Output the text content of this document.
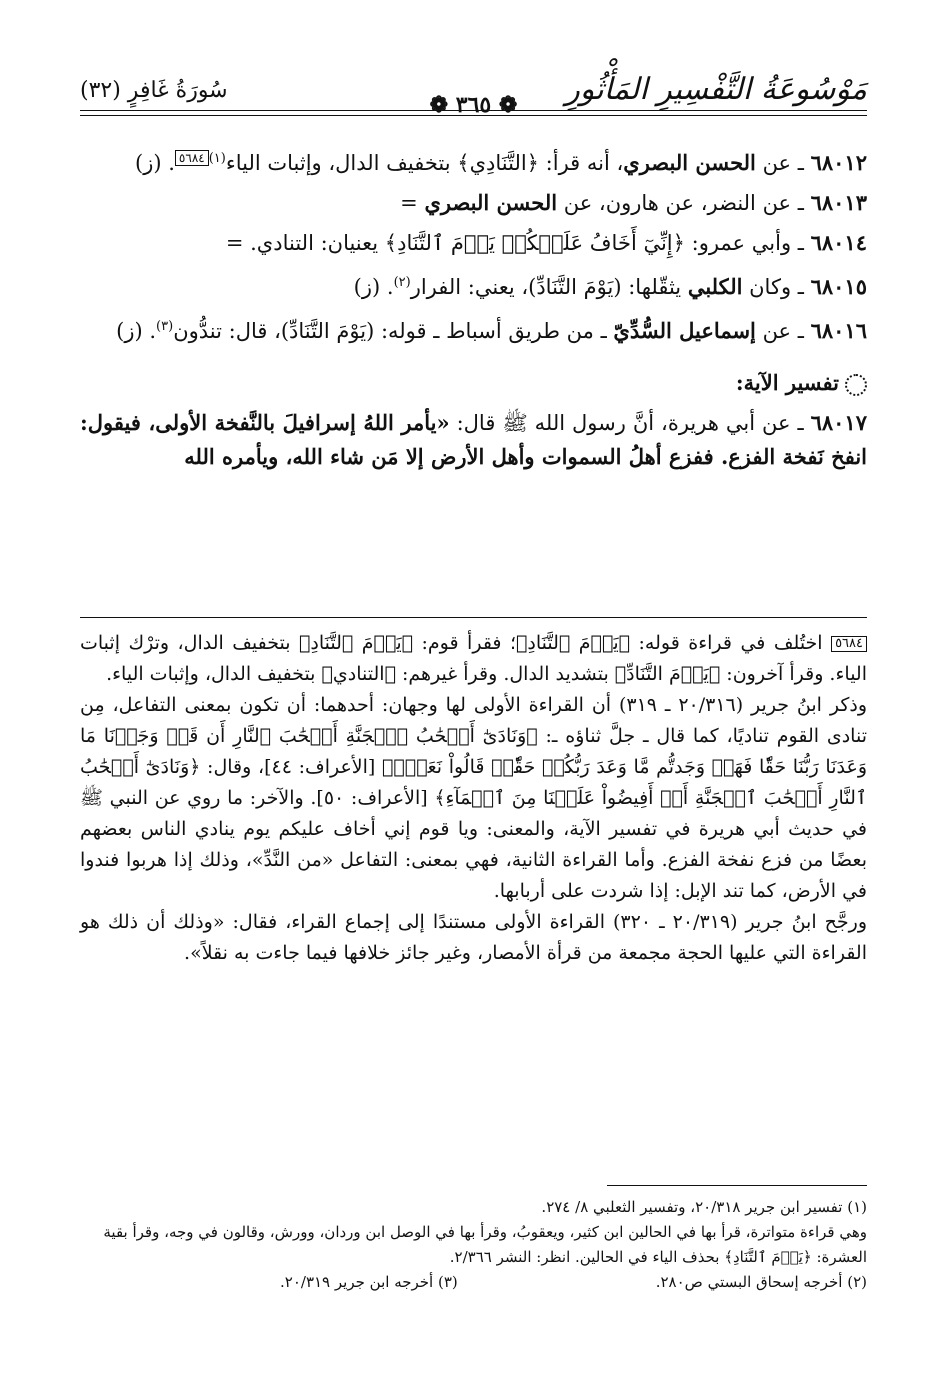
مَوْسُوعَةُ التَّفْسِيرِ المَأْثُورِ
❁ ٣٦٥ ❁
سُورَةُ غَافِرٍ (٣٢)

٦٨٠١٢ ـ عن الحسن البصري، أنه قرأ: ﴿التَّنَادِي﴾ بتخفيف الدال، وإثبات الياء$^{(١)}$٥٦٨٤. (ز)

٦٨٠١٣ ـ عن النضر، عن هارون، عن الحسن البصري =

٦٨٠١٤ ـ وأبي عمرو: ﴿إِنِّيٓ أَخَافُ عَلَيۡكُمۡ يَوۡمَ ٱلتَّنَادِ﴾ يعنيان: التنادي. =

٦٨٠١٥ ـ وكان الكلبي يثقّلها: (يَوْمَ التَّنَادِّ)، يعني: الفرار$^{(٢)}$. (ز)

٦٨٠١٦ ـ عن إسماعيل السُّدِّيّ ـ من طريق أسباط ـ قوله: (يَوْمَ التَّنَادِّ)، قال: تندُّون$^{(٣)}$. (ز)

تفسير الآية:

٦٨٠١٧ ـ عن أبي هريرة، أنَّ رسول الله ﷺ قال: «يأمر اللهُ إسرافيلَ بالنَّفخة الأولى، فيقول: انفخ نَفخة الفزع. ففزع أهلُ السموات وأهل الأرض إلا مَن شاء الله، ويأمره الله

٥٦٨٤ اختُلف في قراءة قوله: ﴿يَوۡمَ ٱلتَّنَادِ﴾؛ فقرأ قوم: ﴿يَوۡمَ ٱلتَّنَادِ﴾ بتخفيف الدال، وترْك إثبات الياء. وقرأ آخرون: ﴿يَوۡمَ التَّنَادِّ﴾ بتشديد الدال. وقرأ غيرهم: ﴿التنادي﴾ بتخفيف الدال، وإثبات الياء.

وذكر ابنُ جرير (٢٠/٣١٦ ـ ٣١٩) أن القراءة الأولى لها وجهان: أحدهما: أن تكون بمعنى التفاعل، مِن تنادى القوم تناديًا، كما قال ـ جلَّ ثناؤه ـ: ﴿وَنَادَىٰٓ أَصۡحَٰبُ ٱلۡجَنَّةِ أَصۡحَٰبَ ٱلنَّارِ أَن قَدۡ وَجَدۡنَا مَا وَعَدَنَا رَبُّنَا حَقّٗا فَهَلۡ وَجَدتُّم مَّا وَعَدَ رَبُّكُمۡ حَقّٗاۖ قَالُواْ نَعَمۡۚ﴾ [الأعراف: ٤٤]، وقال: ﴿وَنَادَىٰٓ أَصۡحَٰبُ ٱلنَّارِ أَصۡحَٰبَ ٱلۡجَنَّةِ أَنۡ أَفِيضُواْ عَلَيۡنَا مِنَ ٱلۡمَآءِ﴾ [الأعراف: ٥٠]. والآخر: ما روي عن النبي ﷺ في حديث أبي هريرة في تفسير الآية، والمعنى: ويا قوم إني أخاف عليكم يوم ينادي الناس بعضهم بعضًا من فزع نفخة الفزع. وأما القراءة الثانية، فهي بمعنى: التفاعل «من النَّدِّ»، وذلك إذا هربوا فندوا في الأرض، كما تند الإبل: إذا شردت على أربابها.

ورجَّح ابنُ جرير (٢٠/٣١٩ ـ ٣٢٠) القراءة الأولى مستندًا إلى إجماع القراء، فقال: «وذلك أن ذلك هو القراءة التي عليها الحجة مجمعة من قرأة الأمصار، وغير جائز خلافها فيما جاءت به نقلاً».

(١) تفسير ابن جرير ٢٠/٣١٨، وتفسير الثعلبي ٨/ ٢٧٤.

وهي قراءة متواترة، قرأ بها في الحالين ابن كثير، ويعقوبُ، وقرأ بها في الوصل ابن وردان، وورش، وقالون في وجه، وقرأ بقية العشرة: ﴿يَوۡمَ ٱلتَّنَادِ﴾ بحذف الياء في الحالين. انظر: النشر ٢/٣٦٦.

(٢) أخرجه إسحاق البستي ص٢٨٠.
(٣) أخرجه ابن جرير ٢٠/٣١٩.
